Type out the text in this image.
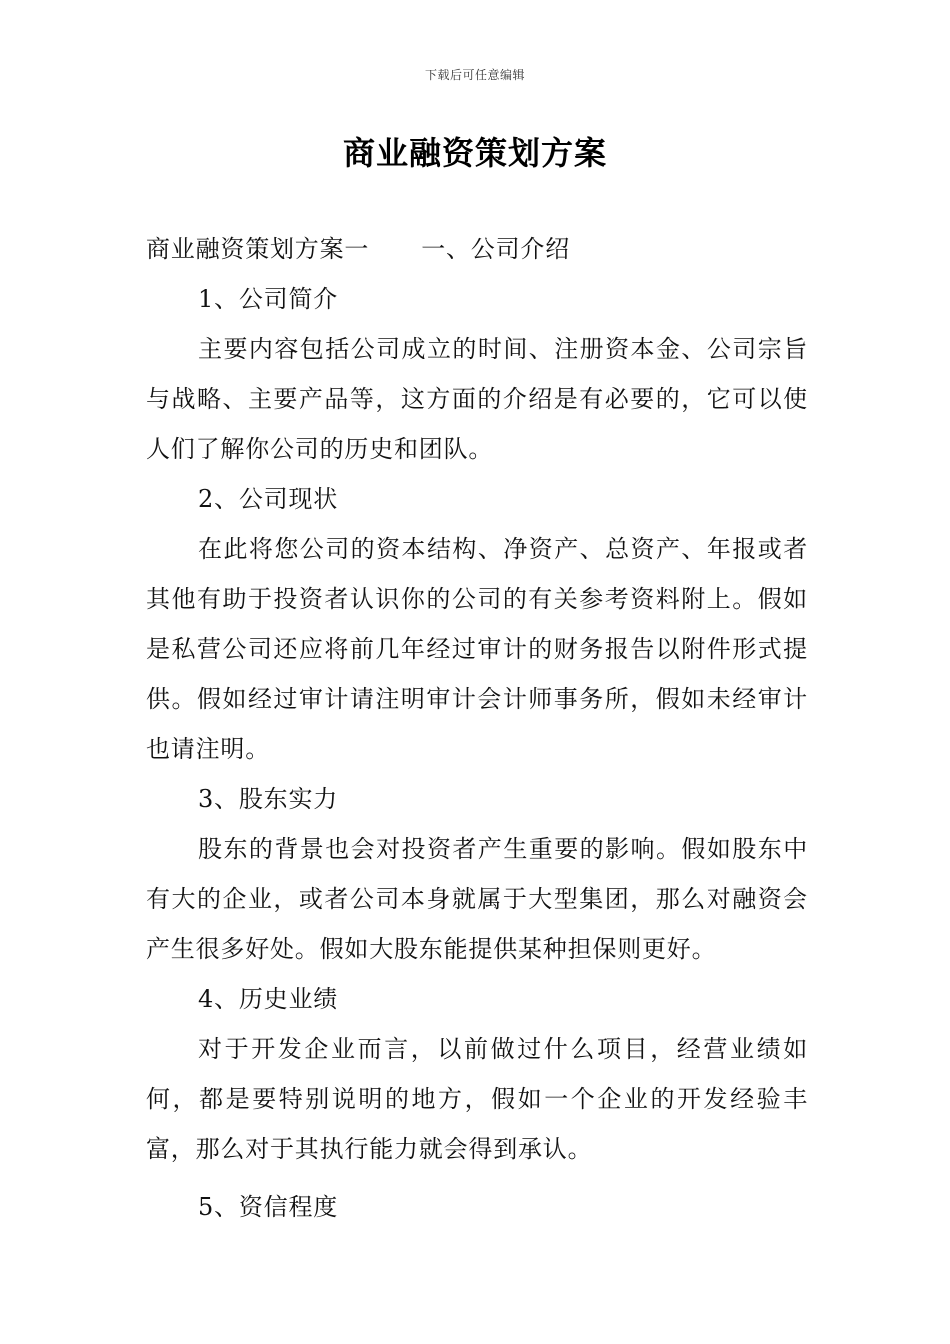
下载后可任意编辑
商业融资策划方案
商业融资策划方案一 一、公司介绍
1、公司简介

主要内容包括公司成立的时间、注册资本金、公司宗旨与战略、主要产品等，这方面的介绍是有必要的，它可以使人们了解你公司的历史和团队。

2、公司现状

在此将您公司的资本结构、净资产、总资产、年报或者其他有助于投资者认识你的公司的有关参考资料附上。假如是私营公司还应将前几年经过审计的财务报告以附件形式提供。假如经过审计请注明审计会计师事务所，假如未经审计也请注明。

3、股东实力

股东的背景也会对投资者产生重要的影响。假如股东中有大的企业，或者公司本身就属于大型集团，那么对融资会产生很多好处。假如大股东能提供某种担保则更好。

4、历史业绩

对于开发企业而言，以前做过什么项目，经营业绩如何，都是要特别说明的地方，假如一个企业的开发经验丰富，那么对于其执行能力就会得到承认。

5、资信程度
